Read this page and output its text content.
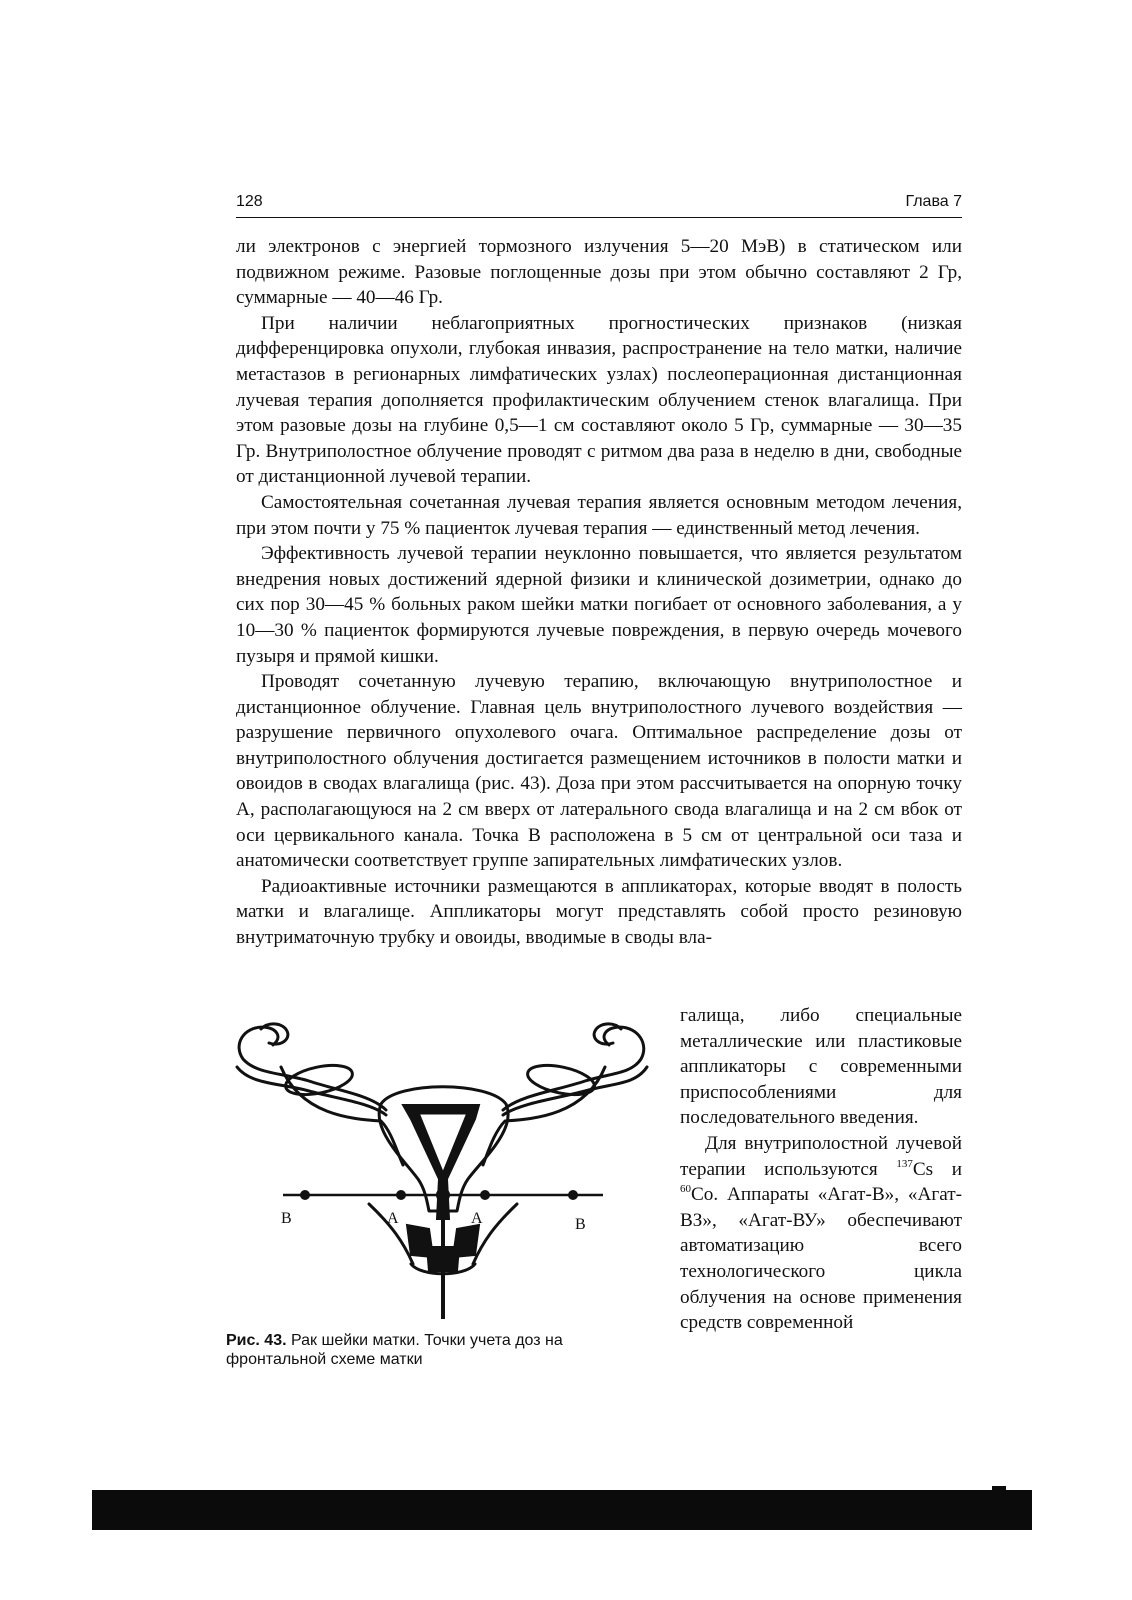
128	Глава 7

ли электронов с энергией тормозного излучения 5—20 МэВ) в статическом или подвижном режиме. Разовые поглощенные дозы при этом обычно составляют 2 Гр, суммарные — 40—46 Гр.

При наличии неблагоприятных прогностических признаков (низкая дифференцировка опухоли, глубокая инвазия, распространение на тело матки, наличие метастазов в регионарных лимфатических узлах) послеоперационная дистанционная лучевая терапия дополняется профилактическим облучением стенок влагалища. При этом разовые дозы на глубине 0,5—1 см составляют около 5 Гр, суммарные — 30—35 Гр. Внутриполостное облучение проводят с ритмом два раза в неделю в дни, свободные от дистанционной лучевой терапии.

Самостоятельная сочетанная лучевая терапия является основным методом лечения, при этом почти у 75 % пациенток лучевая терапия — единственный метод лечения.

Эффективность лучевой терапии неуклонно повышается, что является результатом внедрения новых достижений ядерной физики и клинической дозиметрии, однако до сих пор 30—45 % больных раком шейки матки погибает от основного заболевания, а у 10—30 % пациенток формируются лучевые повреждения, в первую очередь мочевого пузыря и прямой кишки.

Проводят сочетанную лучевую терапию, включающую внутриполостное и дистанционное облучение. Главная цель внутриполостного лучевого воздействия — разрушение первичного опухолевого очага. Оптимальное распределение дозы от внутриполостного облучения достигается размещением источников в полости матки и овоидов в сводах влагалища (рис. 43). Доза при этом рассчитывается на опорную точку А, располагающуюся на 2 см вверх от латерального свода влагалища и на 2 см вбок от оси цервикального канала. Точка В расположена в 5 см от центральной оси таза и анатомически соответствует группе запирательных лимфатических узлов.

Радиоактивные источники размещаются в аппликаторах, которые вводят в полость матки и влагалище. Аппликаторы могут представлять собой просто резиновую внутриматочную трубку и овоиды, вводимые в своды вла-

галища, либо специальные металлические или пластиковые аппликаторы с современными приспособлениями для последовательного введения.

Для внутриполостной лучевой терапии используются $^{137}$Cs и $^{60}$Co. Аппараты «Агат-В», «Агат-ВЗ», «Агат-ВУ» обеспечивают автоматизацию всего технологического цикла облучения на основе применения средств современной

B	A	A	B
Рис. 43. Рак шейки матки. Точки учета доз на фронтальной схеме матки
